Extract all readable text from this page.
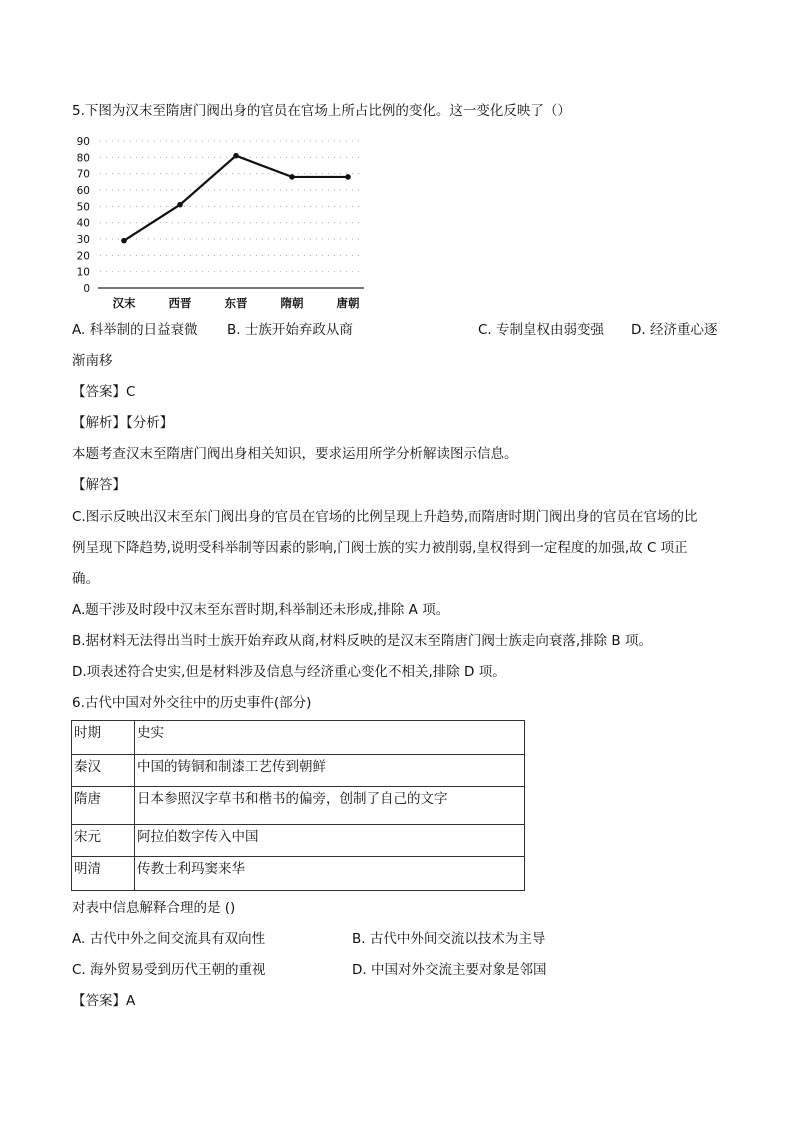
5.下图为汉末至隋唐门阀出身的官员在官场上所占比例的变化。这一变化反映了（）
0
10
20
30
40
50
60
70
80
90
汉末	西晋	东晋	隋朝	唐朝
A. 科举制的日益衰微 B. 士族开始弃政从商	C. 专制皇权由弱变强 D. 经济重心逐
渐南移
【答案】C
【解析】【分析】
本题考查汉末至隋唐门阀出身相关知识，要求运用所学分析解读图示信息。
【解答】
C.图示反映出汉末至东门阀出身的官员在官场的比例呈现上升趋势,而隋唐时期门阀出身的官员在官场的比
例呈现下降趋势,说明受科举制等因素的影响,门阀士族的实力被削弱,皇权得到一定程度的加强,故 C 项正
确。
A.题干涉及时段中汉末至东晋时期,科举制还未形成,排除 A 项。
B.据材料无法得出当时士族开始弃政从商,材料反映的是汉末至隋唐门阀士族走向衰落,排除 B 项。
D.项表述符合史实,但是材料涉及信息与经济重心变化不相关,排除 D 项。
6.古代中国对外交往中的历史事件(部分)
时期	史实
秦汉	中国的铸铜和制漆工艺传到朝鲜
隋唐	日本参照汉字草书和楷书的偏旁，创制了自己的文字
宋元	阿拉伯数字传入中国
明清	传教士利玛窦来华
对表中信息解释合理的是 ()
A. 古代中外之间交流具有双向性	B. 古代中外间交流以技术为主导
C. 海外贸易受到历代王朝的重视	D. 中国对外交流主要对象是邻国
【答案】A
